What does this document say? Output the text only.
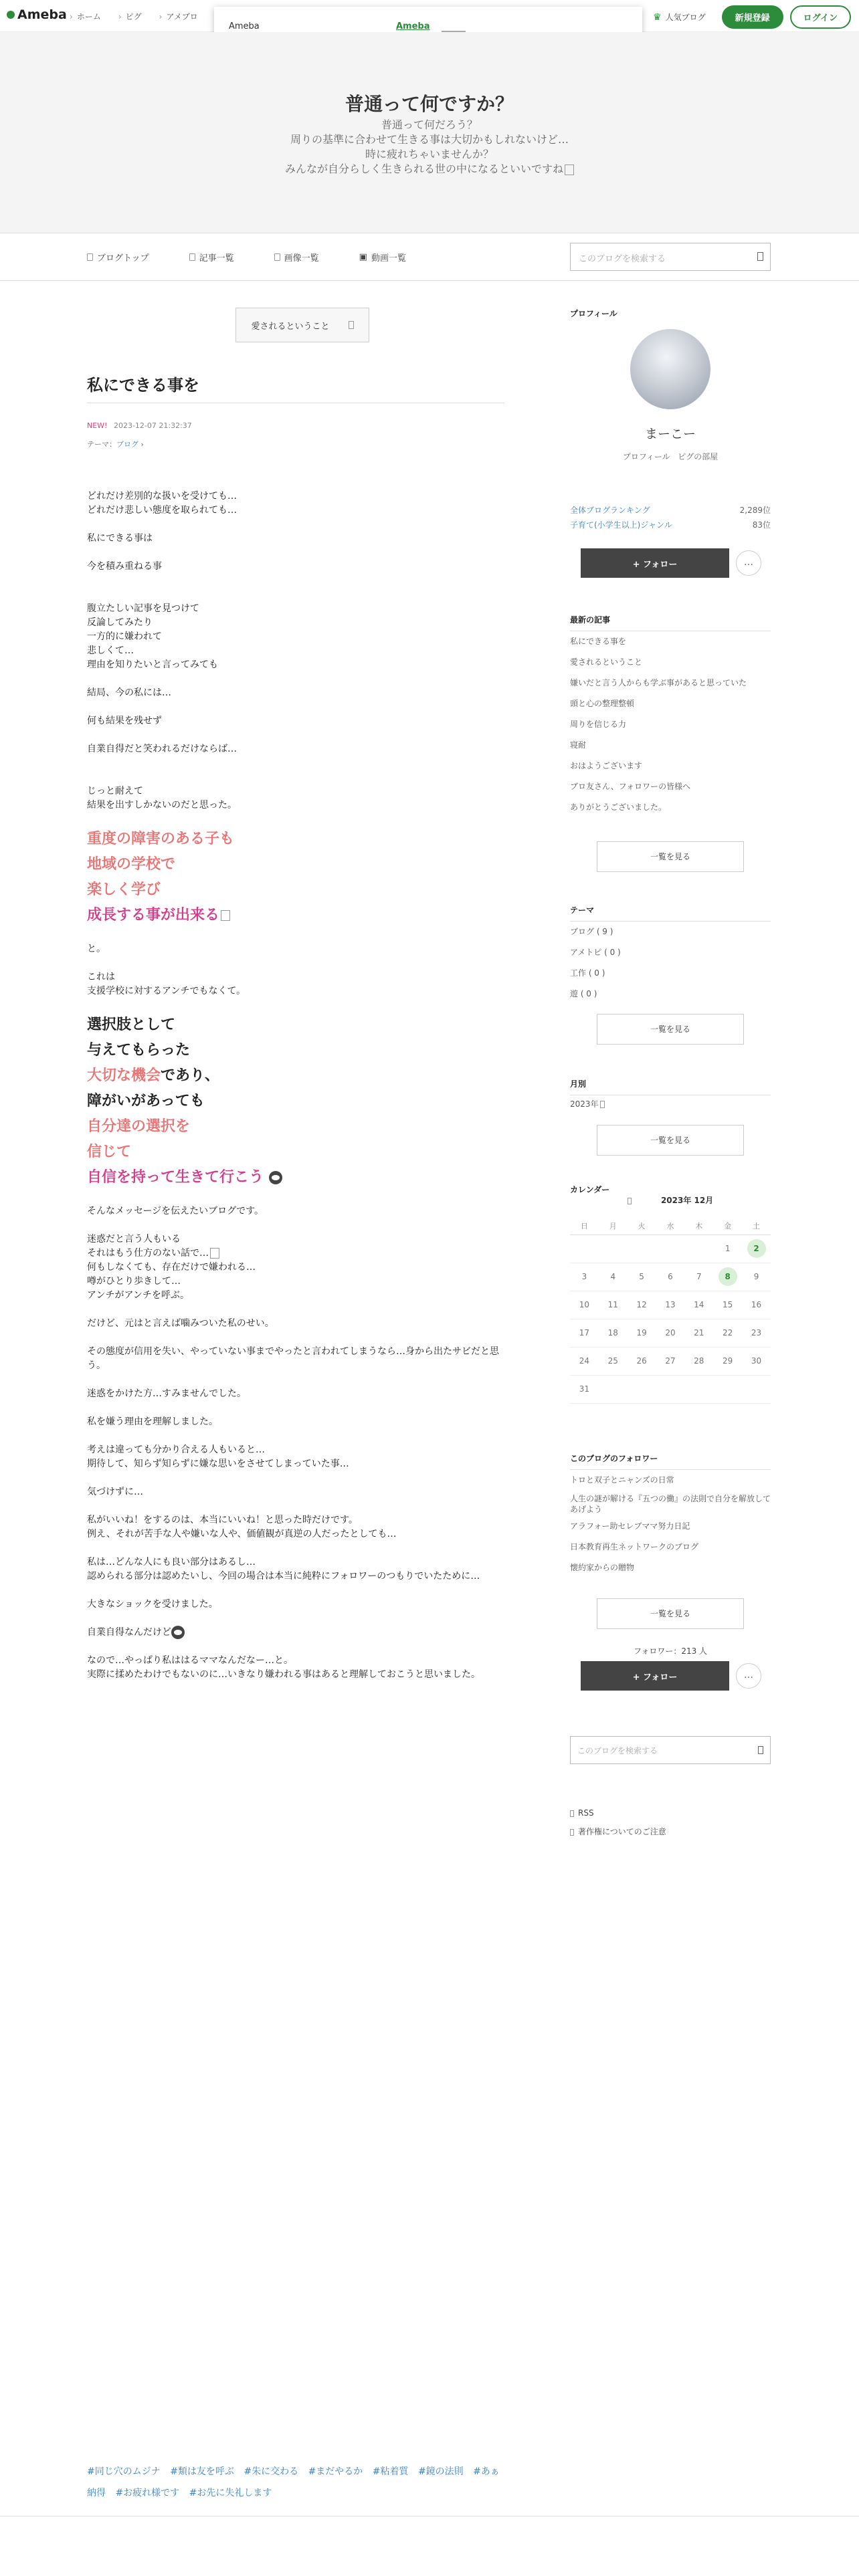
Ameba	› ホーム	› ピグ	› アメブロ	♛ 人気ブログ	新規登録	ログイン
Ameba	Ameba
普通って何ですか？
普通って何だろう？
周りの基準に合わせて生きる事は大切かもしれないけど…
時に疲れちゃいませんか？
みんなが自分らしく生きられる世の中になるといいですね
ブログトップ	記事一覧	画像一覧	▣ 動画一覧	このブログを検索する
愛されるということ
私にできる事を
NEW! 2023-12-07 21:32:37
テーマ：ブログ ›

どれだけ差別的な扱いを受けても…
どれだけ悲しい態度を取られても…

私にできる事は

今を積み重ねる事

腹立たしい記事を見つけて
反論してみたり
一方的に嫌われて
悲しくて…
理由を知りたいと言ってみても

結局、今の私には…

何も結果を残せず

自業自得だと笑われるだけならば…

じっと耐えて
結果を出すしかないのだと思った。

重度の障害のある子も
地域の学校で
楽しく学び
成長する事が出来る

と。

これは
支援学校に対するアンチでもなくて。

選択肢として
与えてもらった
大切な機会であり、
障がいがあっても
自分達の選択を
信じて
自信を持って生きて行こう

そんなメッセージを伝えたいブログです。

迷惑だと言う人もいる

それはもう仕方のない話で…

何もしなくても、存在だけで嫌われる…
噂がひとり歩きして…
アンチがアンチを呼ぶ。

だけど、元はと言えば噛みついた私のせい。

その態度が信用を失い、やっていない事までやったと言われてしまうなら…身から出たサビだと思う。

迷惑をかけた方…すみませんでした。

私を嫌う理由を理解しました。

考えは違っても分かり合える人もいると…
期待して、知らず知らずに嫌な思いをさせてしまっていた事…

気づけずに…

私がいいね！をするのは、本当にいいね！と思った時だけです。
例え、それが苦手な人や嫌いな人や、価値観が真逆の人だったとしても…

私は…どんな人にも良い部分はあるし…
認められる部分は認めたいし、今回の場合は本当に純粋にフォロワーのつもりでいたために…

大きなショックを受けました。

自業自得なんだけど

なので…やっぱり私ははるママなんだなー…と。
実際に揉めたわけでもないのに…いきなり嫌われる事はあると理解しておこうと思いました。

#同じ穴のムジナ #類は友を呼ぶ #朱に交わる #まだやるか #粘着質 #鏡の法則 #あぁ納得 #お疲れ様です #お先に失礼します
プロフィール
まーこー
プロフィール ピグの部屋
全体ブログランキング	2,289位
子育て(小学生以上)ジャンル	83位
+ フォロー	…
最新の記事
私にできる事を
愛されるということ
嫌いだと言う人からも学ぶ事があると思っていた
頭と心の整理整頓
周りを信じる力
寝耐
おはようございます
ブロ友さん、フォロワーの皆様へ
ありがとうございました。
一覧を見る
テーマ
ブログ ( 9 )
アメトピ ( 0 )
工作 ( 0 )
遊 ( 0 )
一覧を見る
月別
2023年
一覧を見る
カレンダー
2023年 12月
日	月	火	水	木	金	土
					1	2
3	4	5	6	7	8	9
10	11	12	13	14	15	16
17	18	19	20	21	22	23
24	25	26	27	28	29	30
31						
このブログのフォロワー
トロと双子とニャンズの日常
人生の謎が解ける『五つの働』の法則で自分を解放してあげよう
アラフォー助セレブママ努力日記
日本教育再生ネットワークのブログ
懐約家からの贈物
一覧を見る
フォロワー：213 人
+ フォロー	…
このブログを検索する
RSS
著作権についてのご注意
